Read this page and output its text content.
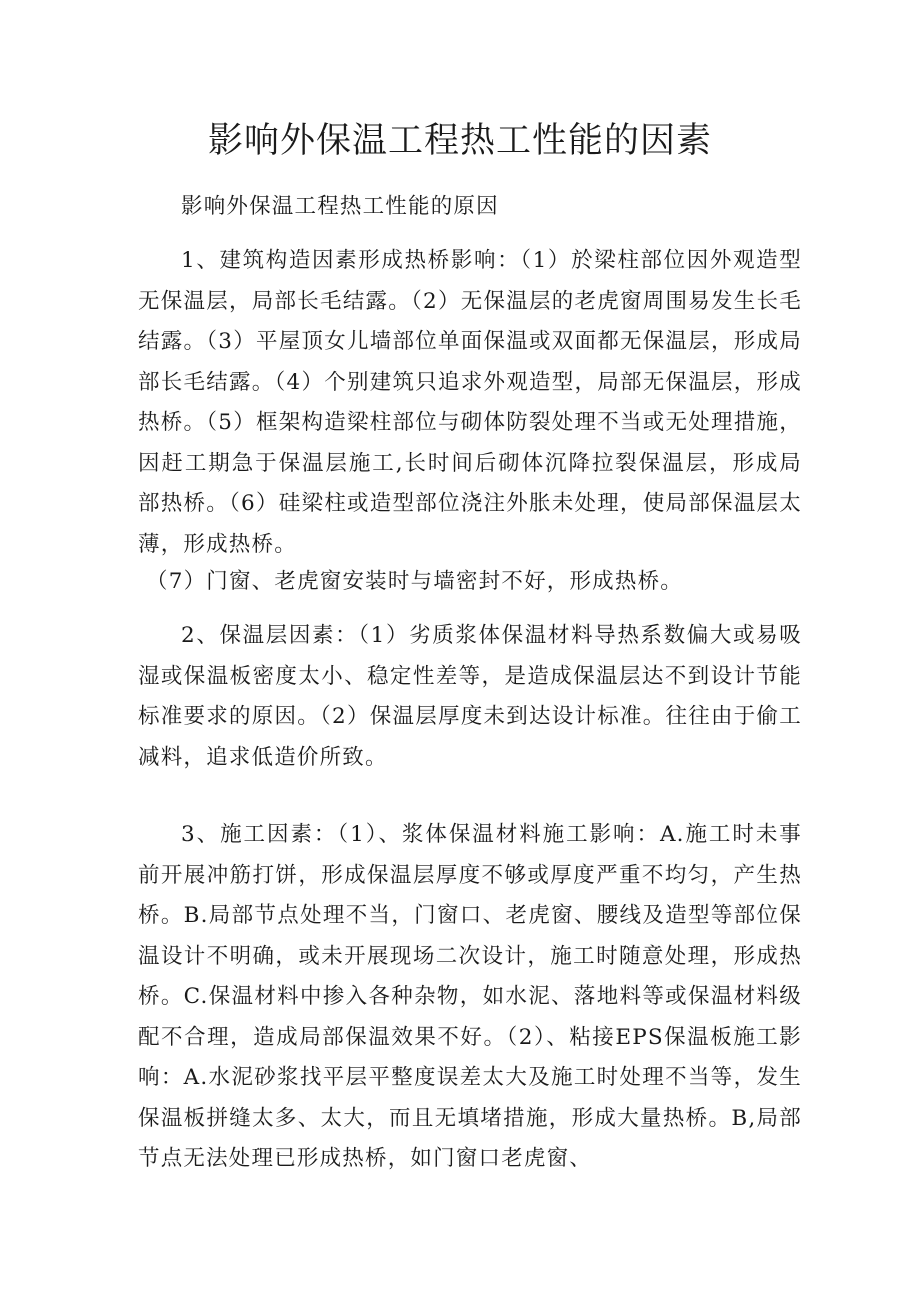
影响外保温工程热工性能的因素

影响外保温工程热工性能的原因

1、建筑构造因素形成热桥影响：（1）於梁柱部位因外观造型无保温层，局部长毛结露。（2）无保温层的老虎窗周围易发生长毛结露。（3）平屋顶女儿墙部位单面保温或双面都无保温层，形成局部长毛结露。（4）个别建筑只追求外观造型，局部无保温层，形成热桥。（5）框架构造梁柱部位与砌体防裂处理不当或无处理措施，因赶工期急于保温层施工,长时间后砌体沉降拉裂保温层，形成局部热桥。（6）硅梁柱或造型部位浇注外胀未处理，使局部保温层太薄，形成热桥。

（7）门窗、老虎窗安装时与墙密封不好，形成热桥。

2、保温层因素：（1）劣质浆体保温材料导热系数偏大或易吸湿或保温板密度太小、稳定性差等，是造成保温层达不到设计节能标准要求的原因。（2）保温层厚度未到达设计标准。往往由于偷工减料，追求低造价所致。

3、施工因素：（1）、浆体保温材料施工影响：A.施工时未事前开展冲筋打饼，形成保温层厚度不够或厚度严重不均匀，产生热桥。B.局部节点处理不当，门窗口、老虎窗、腰线及造型等部位保温设计不明确，或未开展现场二次设计，施工时随意处理，形成热桥。C.保温材料中掺入各种杂物，如水泥、落地料等或保温材料级配不合理，造成局部保温效果不好。（2）、粘接EPS保温板施工影响：A.水泥砂浆找平层平整度误差太大及施工时处理不当等，发生保温板拼缝太多、太大，而且无填堵措施，形成大量热桥。B,局部节点无法处理已形成热桥，如门窗口老虎窗、
